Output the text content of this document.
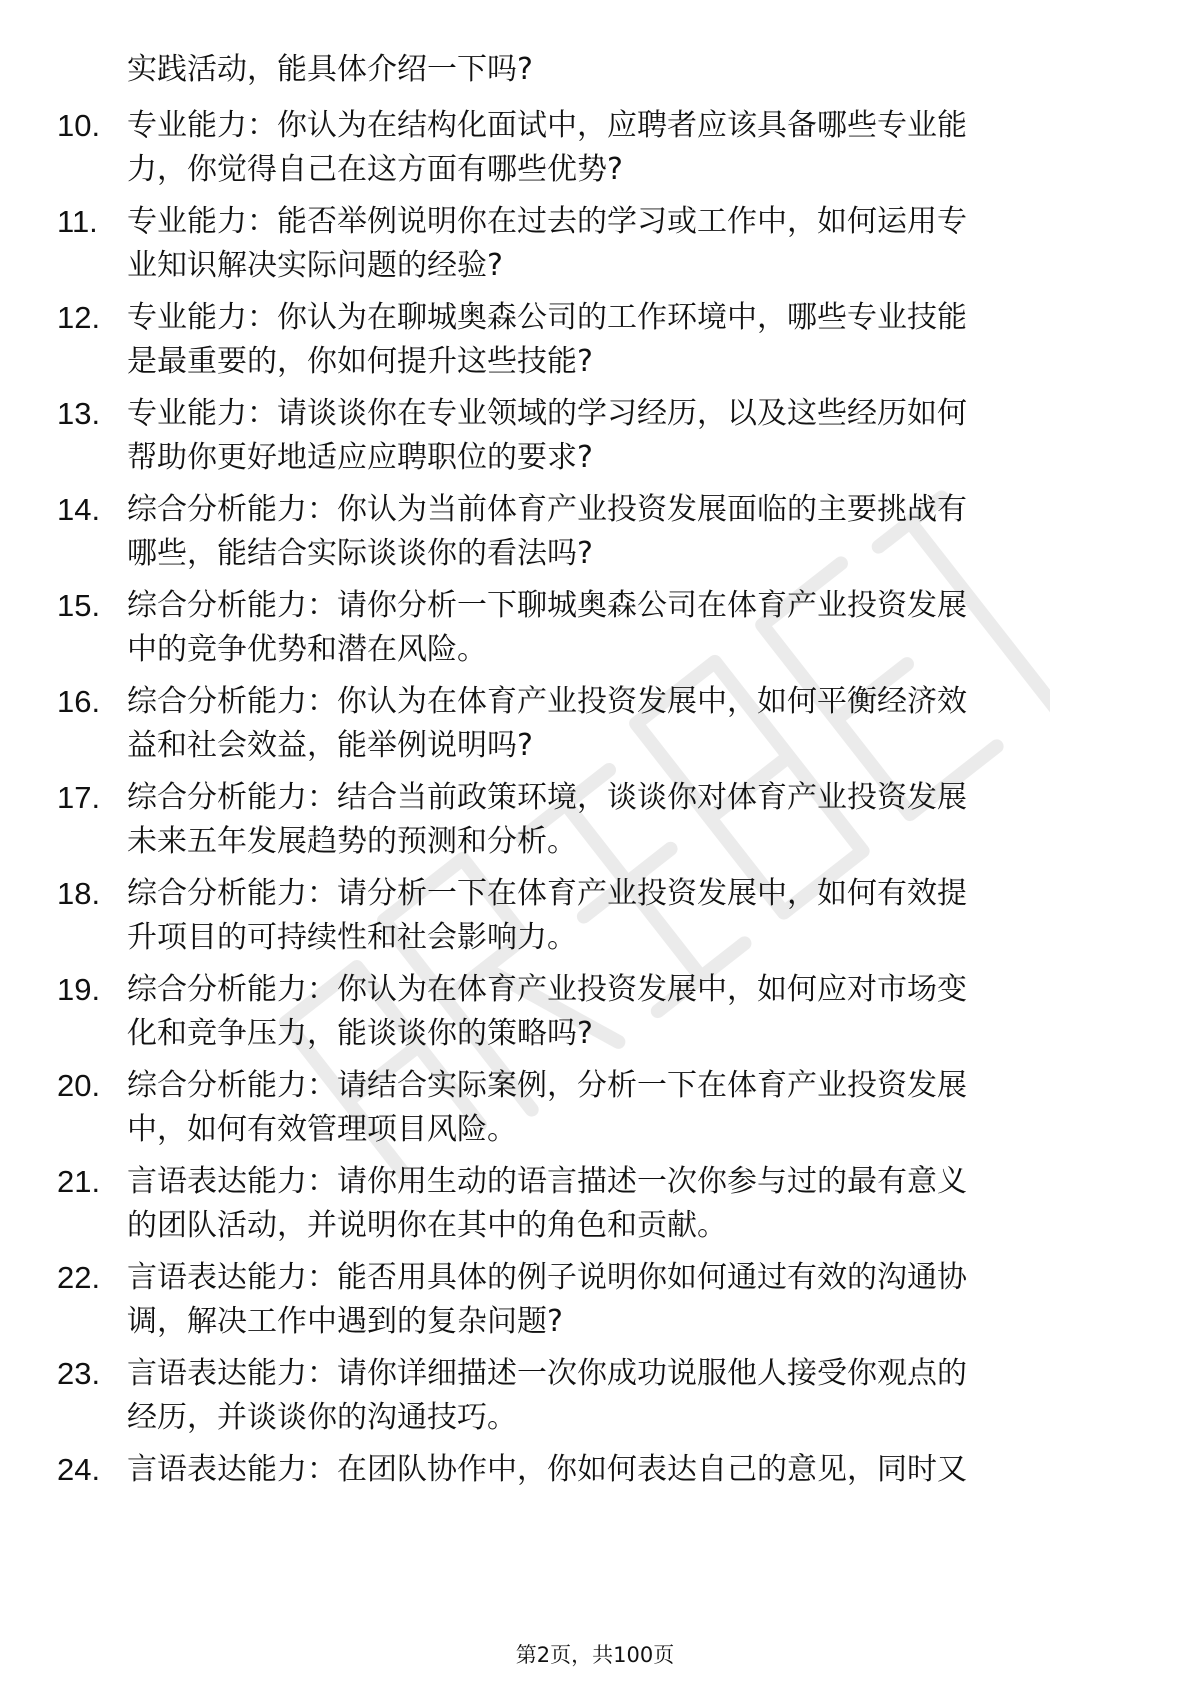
实践活动，能具体介绍一下吗?
10. 专业能力：你认为在结构化面试中，应聘者应该具备哪些专业能
力，你觉得自己在这方面有哪些优势?
11. 专业能力：能否举例说明你在过去的学习或工作中，如何运用专
业知识解决实际问题的经验?
12. 专业能力：你认为在聊城奥森公司的工作环境中，哪些专业技能
是最重要的，你如何提升这些技能?
13. 专业能力：请谈谈你在专业领域的学习经历，以及这些经历如何
帮助你更好地适应应聘职位的要求?
14. 综合分析能力：你认为当前体育产业投资发展面临的主要挑战有
哪些，能结合实际谈谈你的看法吗?
15. 综合分析能力：请你分析一下聊城奥森公司在体育产业投资发展
中的竞争优势和潜在风险。
16. 综合分析能力：你认为在体育产业投资发展中，如何平衡经济效
益和社会效益，能举例说明吗?
17. 综合分析能力：结合当前政策环境，谈谈你对体育产业投资发展
未来五年发展趋势的预测和分析。
18. 综合分析能力：请分析一下在体育产业投资发展中，如何有效提
升项目的可持续性和社会影响力。
19. 综合分析能力：你认为在体育产业投资发展中，如何应对市场变
化和竞争压力，能谈谈你的策略吗?
20. 综合分析能力：请结合实际案例，分析一下在体育产业投资发展
中，如何有效管理项目风险。
21. 言语表达能力：请你用生动的语言描述一次你参与过的最有意义
的团队活动，并说明你在其中的角色和贡献。
22. 言语表达能力：能否用具体的例子说明你如何通过有效的沟通协
调，解决工作中遇到的复杂问题?
23. 言语表达能力：请你详细描述一次你成功说服他人接受你观点的
经历，并谈谈你的沟通技巧。
24. 言语表达能力：在团队协作中，你如何表达自己的意见，同时又
第2页，共100页
